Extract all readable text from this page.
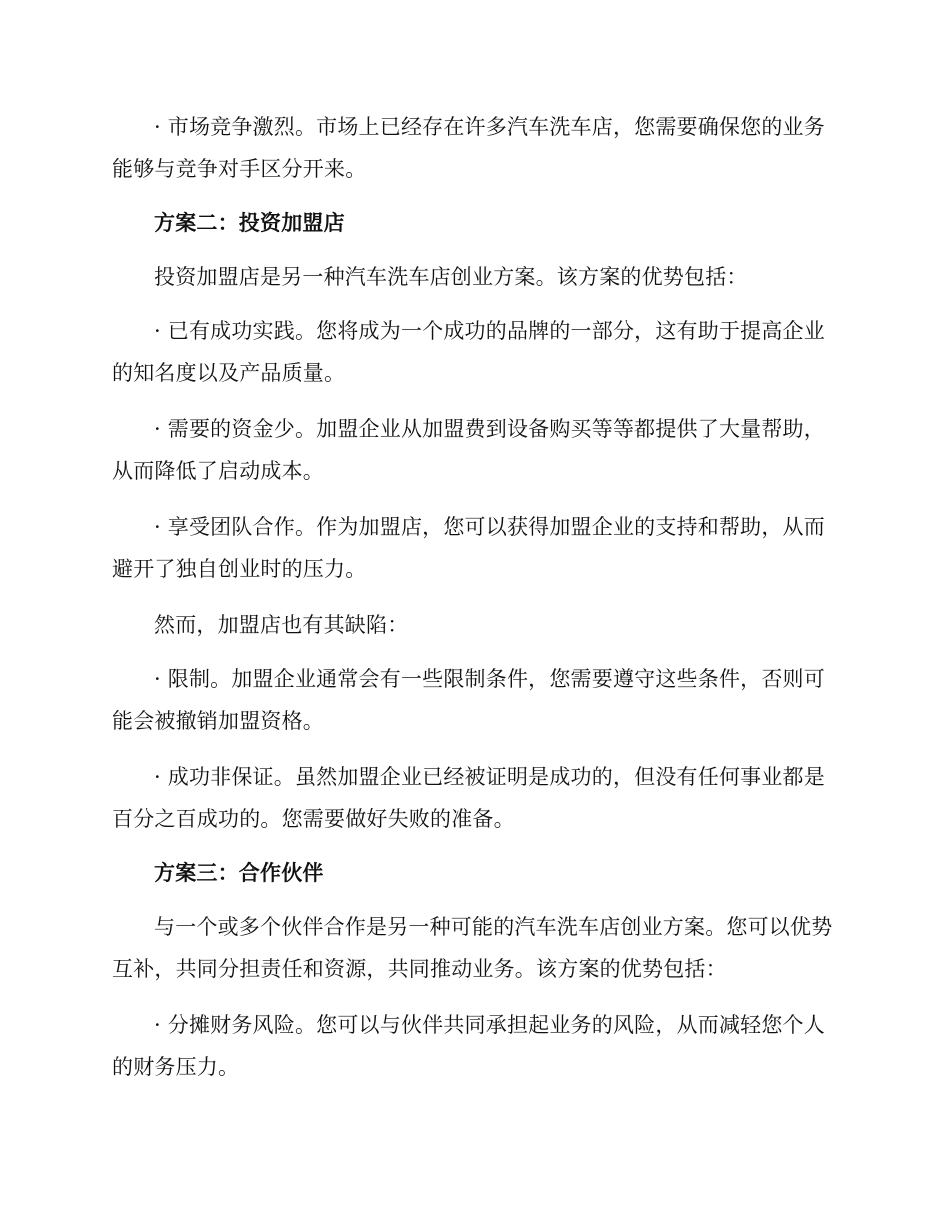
· 市场竞争激烈。市场上已经存在许多汽车洗车店，您需要确保您的业务能够与竞争对手区分开来。

方案二：投资加盟店

投资加盟店是另一种汽车洗车店创业方案。该方案的优势包括：

· 已有成功实践。您将成为一个成功的品牌的一部分，这有助于提高企业的知名度以及产品质量。

· 需要的资金少。加盟企业从加盟费到设备购买等等都提供了大量帮助，从而降低了启动成本。

· 享受团队合作。作为加盟店，您可以获得加盟企业的支持和帮助，从而避开了独自创业时的压力。

然而，加盟店也有其缺陷：

· 限制。加盟企业通常会有一些限制条件，您需要遵守这些条件，否则可能会被撤销加盟资格。

· 成功非保证。虽然加盟企业已经被证明是成功的，但没有任何事业都是百分之百成功的。您需要做好失败的准备。

方案三：合作伙伴

与一个或多个伙伴合作是另一种可能的汽车洗车店创业方案。您可以优势互补，共同分担责任和资源，共同推动业务。该方案的优势包括：

· 分摊财务风险。您可以与伙伴共同承担起业务的风险，从而减轻您个人的财务压力。
